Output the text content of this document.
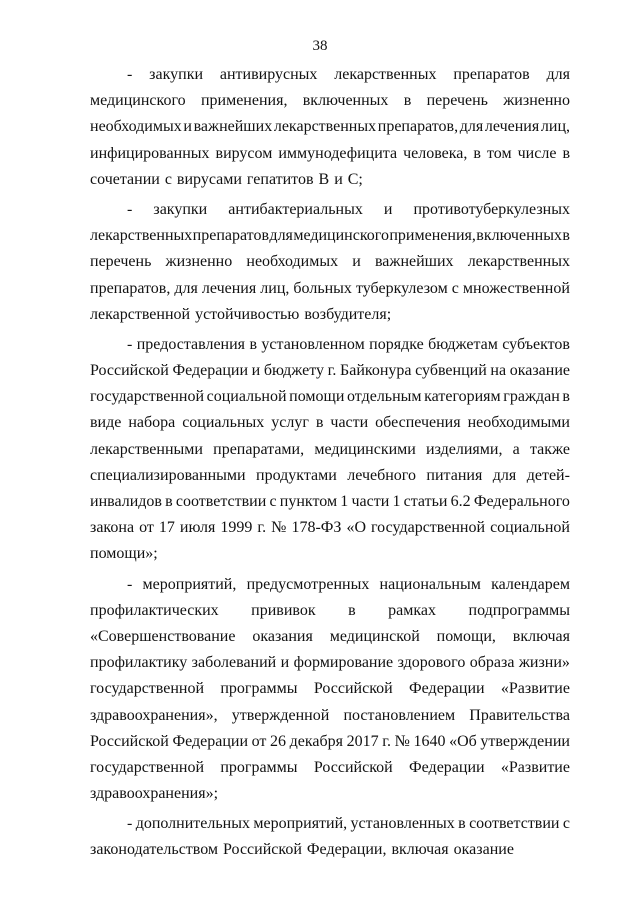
38
- закупки антивирусных лекарственных препаратов для
медицинского применения, включенных в перечень жизненно
необходимых и важнейших лекарственных препаратов, для лечения лиц,
инфицированных вирусом иммунодефицита человека, в том числе в
сочетании с вирусами гепатитов В и С;
- закупки антибактериальных и противотуберкулезных
лекарственных препаратов для медицинского применения, включенных в
перечень жизненно необходимых и важнейших лекарственных
препаратов, для лечения лиц, больных туберкулезом с множественной
лекарственной устойчивостью возбудителя;
- предоставления в установленном порядке бюджетам субъектов
Российской Федерации и бюджету г. Байконура субвенций на оказание
государственной социальной помощи отдельным категориям граждан в
виде набора социальных услуг в части обеспечения необходимыми
лекарственными препаратами, медицинскими изделиями, а также
специализированными продуктами лечебного питания для детей-
инвалидов в соответствии с пунктом 1 части 1 статьи 6.2 Федерального
закона от 17 июля 1999 г. № 178-ФЗ «О государственной социальной
помощи»;
- мероприятий, предусмотренных национальным календарем
профилактических прививок в рамках подпрограммы
«Совершенствование оказания медицинской помощи, включая
профилактику заболеваний и формирование здорового образа жизни»
государственной программы Российской Федерации «Развитие
здравоохранения», утвержденной постановлением Правительства
Российской Федерации от 26 декабря 2017 г. № 1640 «Об утверждении
государственной программы Российской Федерации «Развитие
здравоохранения»;
- дополнительных мероприятий, установленных в соответствии с
законодательством Российской Федерации, включая оказание
